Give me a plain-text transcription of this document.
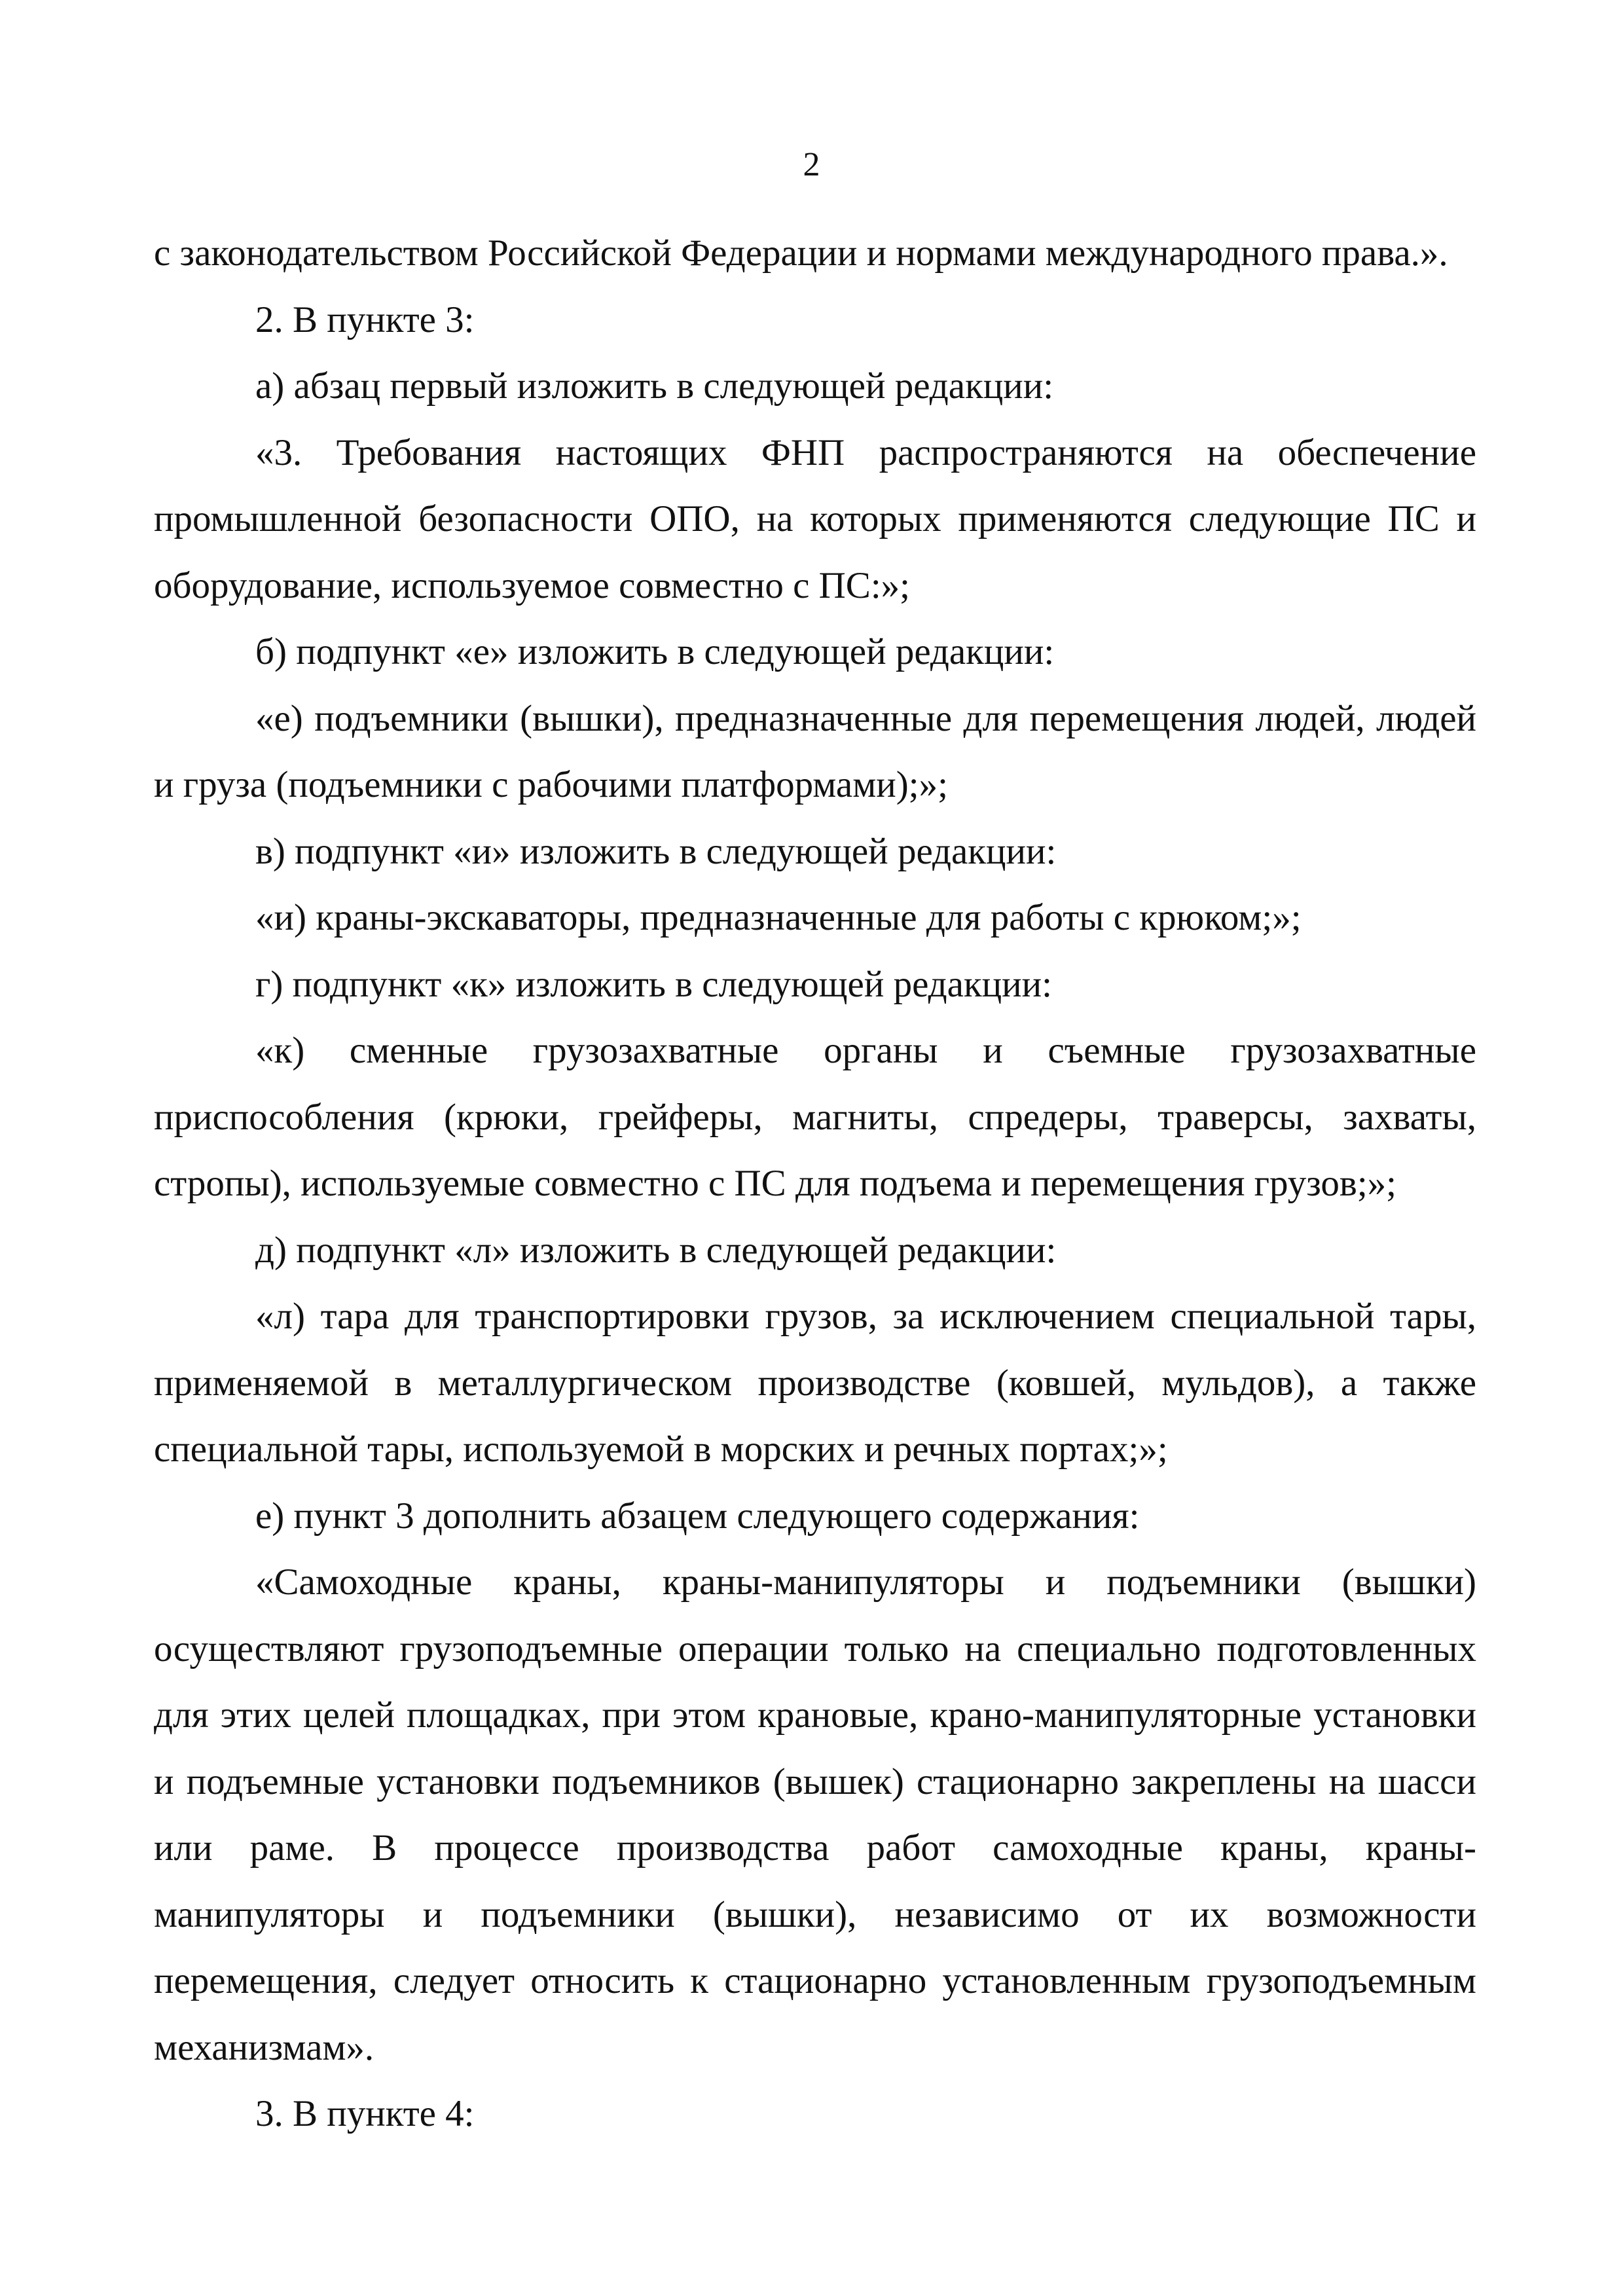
2

с законодательством Российской Федерации и нормами международного права.».

2. В пункте 3:

а) абзац первый изложить в следующей редакции:

«3. Требования настоящих ФНП распространяются на обеспечение промышленной безопасности ОПО, на которых применяются следующие ПС и оборудование, используемое совместно с ПС:»;

б) подпункт «е» изложить в следующей редакции:

«е) подъемники (вышки), предназначенные для перемещения людей, людей и груза (подъемники с рабочими платформами);»;

в) подпункт «и» изложить в следующей редакции:

«и) краны-экскаваторы, предназначенные для работы с крюком;»;

г) подпункт «к» изложить в следующей редакции:

«к) сменные грузозахватные органы и съемные грузозахватные приспособления (крюки, грейферы, магниты, спредеры, траверсы, захваты, стропы), используемые совместно с ПС для подъема и перемещения грузов;»;

д) подпункт «л» изложить в следующей редакции:

«л) тара для транспортировки грузов, за исключением специальной тары, применяемой в металлургическом производстве (ковшей, мульдов), а также специальной тары, используемой в морских и речных портах;»;

е) пункт 3 дополнить абзацем следующего содержания:

«Самоходные краны, краны-манипуляторы и подъемники (вышки) осуществляют грузоподъемные операции только на специально подготовленных для этих целей площадках, при этом крановые, крано-манипуляторные установки и подъемные установки подъемников (вышек) стационарно закреплены на шасси или раме. В процессе производства работ самоходные краны, краны-манипуляторы и подъемники (вышки), независимо от их возможности перемещения, следует относить к стационарно установленным грузоподъемным механизмам».

3. В пункте 4:
